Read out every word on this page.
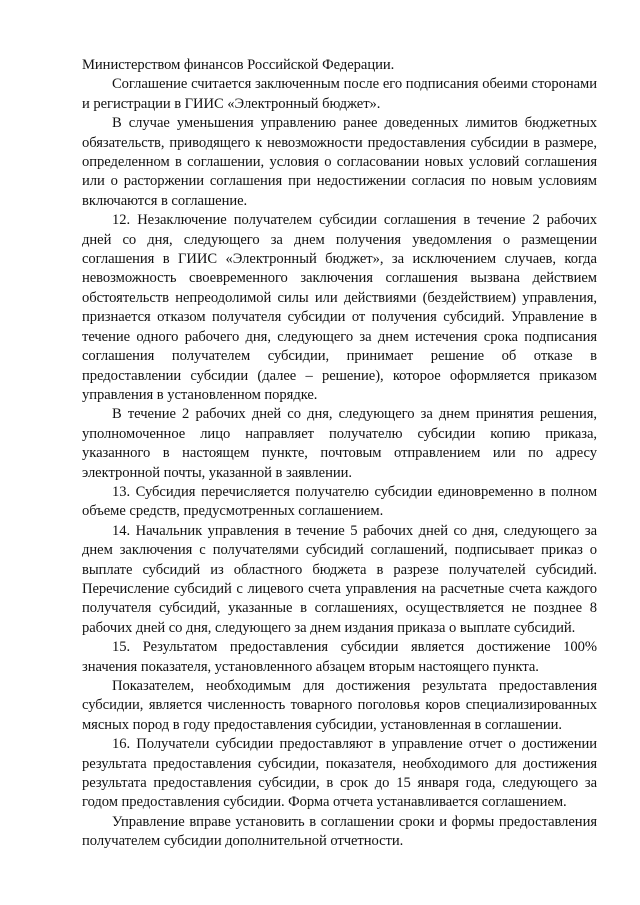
Министерством финансов Российской Федерации.

Соглашение считается заключенным после его подписания обеими сторонами и регистрации в ГИИС «Электронный бюджет».

В случае уменьшения управлению ранее доведенных лимитов бюджетных обязательств, приводящего к невозможности предоставления субсидии в размере, определенном в соглашении, условия о согласовании новых условий соглашения или о расторжении соглашения при недостижении согласия по новым условиям включаются в соглашение.

12. Незаключение получателем субсидии соглашения в течение 2 рабочих дней со дня, следующего за днем получения уведомления о размещении соглашения в ГИИС «Электронный бюджет», за исключением случаев, когда невозможность своевременного заключения соглашения вызвана действием обстоятельств непреодолимой силы или действиями (бездействием) управления, признается отказом получателя субсидии от получения субсидий. Управление в течение одного рабочего дня, следующего за днем истечения срока подписания соглашения получателем субсидии, принимает решение об отказе в предоставлении субсидии (далее – решение), которое оформляется приказом управления в установленном порядке.

В течение 2 рабочих дней со дня, следующего за днем принятия решения, уполномоченное лицо направляет получателю субсидии копию приказа, указанного в настоящем пункте, почтовым отправлением или по адресу электронной почты, указанной в заявлении.

13. Субсидия перечисляется получателю субсидии единовременно в полном объеме средств, предусмотренных соглашением.

14. Начальник управления в течение 5 рабочих дней со дня, следующего за днем заключения с получателями субсидий соглашений, подписывает приказ о выплате субсидий из областного бюджета в разрезе получателей субсидий. Перечисление субсидий с лицевого счета управления на расчетные счета каждого получателя субсидий, указанные в соглашениях, осуществляется не позднее 8 рабочих дней со дня, следующего за днем издания приказа о выплате субсидий.

15. Результатом предоставления субсидии является достижение 100% значения показателя, установленного абзацем вторым настоящего пункта.

Показателем, необходимым для достижения результата предоставления субсидии, является численность товарного поголовья коров специализированных мясных пород в году предоставления субсидии, установленная в соглашении.

16. Получатели субсидии предоставляют в управление отчет о достижении результата предоставления субсидии, показателя, необходимого для достижения результата предоставления субсидии, в срок до 15 января года, следующего за годом предоставления субсидии. Форма отчета устанавливается соглашением.

Управление вправе установить в соглашении сроки и формы предоставления получателем субсидии дополнительной отчетности.
